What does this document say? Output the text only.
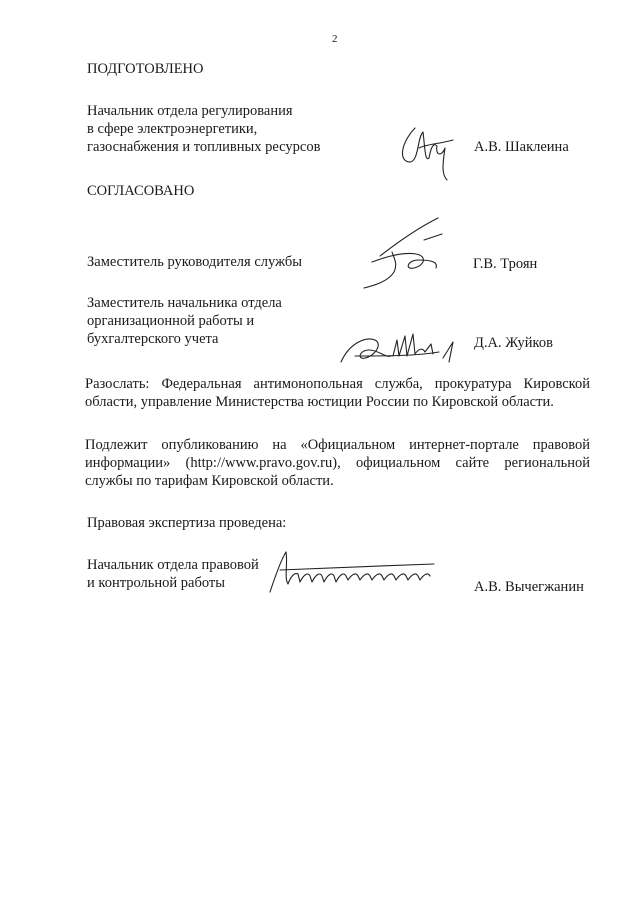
2
ПОДГОТОВЛЕНО
Начальник отдела регулирования
в сфере электроэнергетики,
газоснабжения и топливных ресурсов	А.В. Шаклеина
СОГЛАСОВАНО
Заместитель руководителя службы	Г.В. Троян
Заместитель начальника отдела
организационной работы и
бухгалтерского учета	Д.А. Жуйков
Разослать: Федеральная антимонопольная служба, прокуратура Кировской области, управление Министерства юстиции России по Кировской области.
Подлежит опубликованию на «Официальном интернет-портале правовой информации» (http://www.pravo.gov.ru), официальном сайте региональной службы по тарифам Кировской области.
Правовая экспертиза проведена:
Начальник отдела правовой
и контрольной работы	А.В. Вычегжанин
